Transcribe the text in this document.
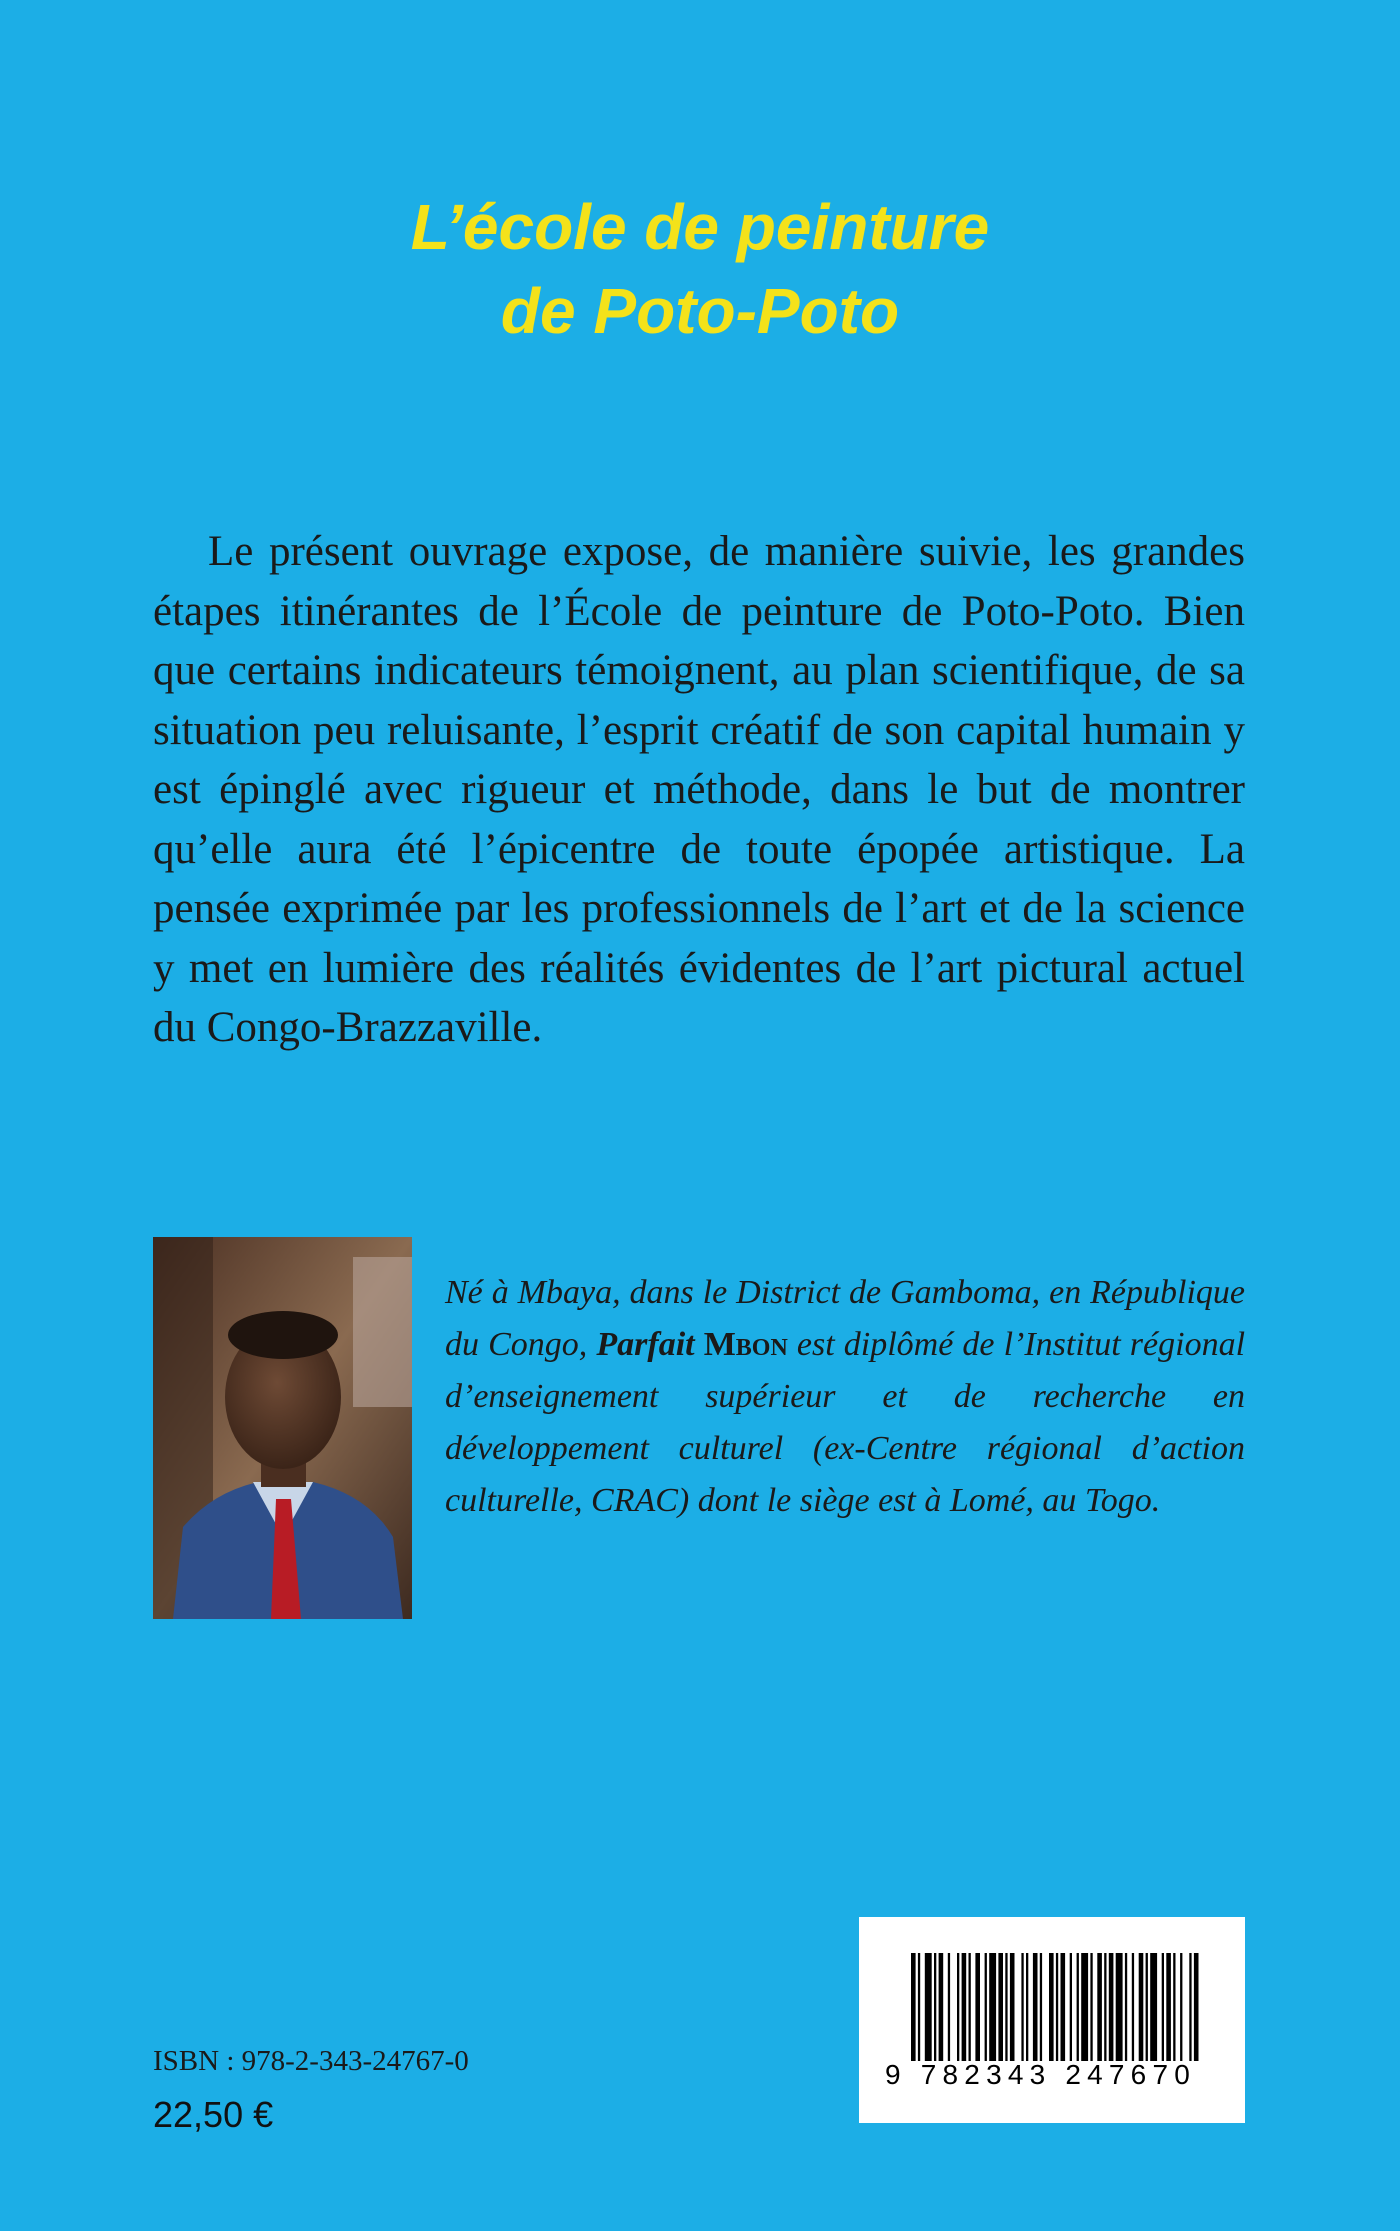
L’école de peinture
de Poto-Poto

Le présent ouvrage expose, de manière suivie, les grandes étapes itinérantes de l’École de peinture de Poto-Poto. Bien que certains indicateurs témoignent, au plan scientifique, de sa situation peu reluisante, l’esprit créatif de son capital humain y est épinglé avec rigueur et méthode, dans le but de montrer qu’elle aura été l’épicentre de toute épopée artistique. La pensée exprimée par les professionnels de l’art et de la science y met en lumière des réalités évidentes de l’art pictural actuel du Congo-Brazzaville.

Né à Mbaya, dans le District de Gamboma, en République du Congo, Parfait Mbon est diplômé de l’Institut régional d’enseignement supérieur et de recherche en développement culturel (ex-Centre régional d’action culturelle, CRAC) dont le siège est à Lomé, au Togo.

ISBN : 978-2-343-24767-0
22,50 €
9 782343 247670
